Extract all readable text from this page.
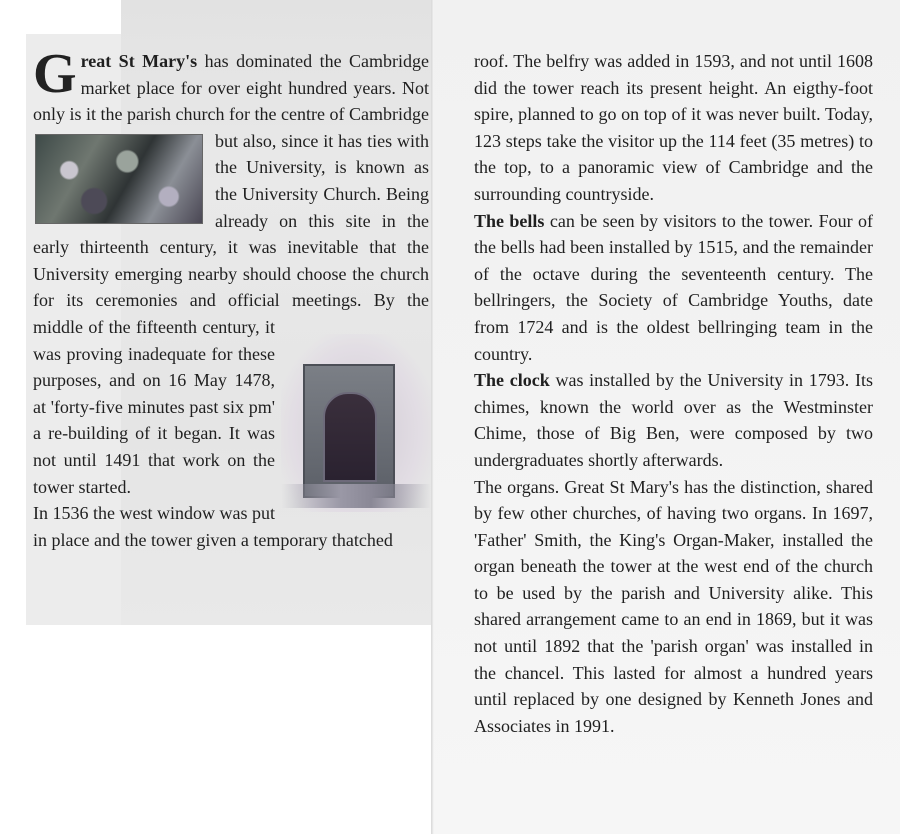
G reat St Mary's has dominated the Cambridge market place for over eight hundred years. Not only is it the parish church for the centre of Cambridge but also, since it
has ties with the University, is known as the University Church. Being already on this site in the early thirteenth century, it was inevitable that the University emerging nearby should choose the church for its ceremonies and official meetings.
By the middle of the fifteenth century, it was proving inadequate for these purposes, and on 16 May 1478, at 'forty-five minutes past six pm' a re-building of it began. It was not until 1491 that work on the tower started.

In 1536 the west window was put in place and the tower given a temporary thatched

roof. The belfry was added in 1593, and not until 1608 did the tower reach its present height. An eigthy-foot spire, planned to go on top of it was never built. Today, 123 steps take the visitor up the 114 feet (35 metres) to the top, to a panoramic view of Cambridge and the surrounding countryside.

The bells can be seen by visitors to the tower. Four of the bells had been installed by 1515, and the remainder of the octave during the seventeenth century. The bellringers, the Society of Cambridge Youths, date from 1724 and is the oldest bellringing team in the country.

The clock was installed by the University in 1793. Its chimes, known the world over as the Westminster Chime, those of Big Ben, were composed by two undergraduates shortly afterwards.

The organs. Great St Mary's has the distinction, shared by few other churches, of having two organs. In 1697, 'Father' Smith, the King's Organ-Maker, installed the organ beneath the tower at the west end of the church to be used by the parish and University alike. This shared arrangement came to an end in 1869, but it was not until 1892 that the 'parish organ' was installed in the chancel. This lasted for almost a hundred years until replaced by one designed by Kenneth Jones and Associates in 1991.
